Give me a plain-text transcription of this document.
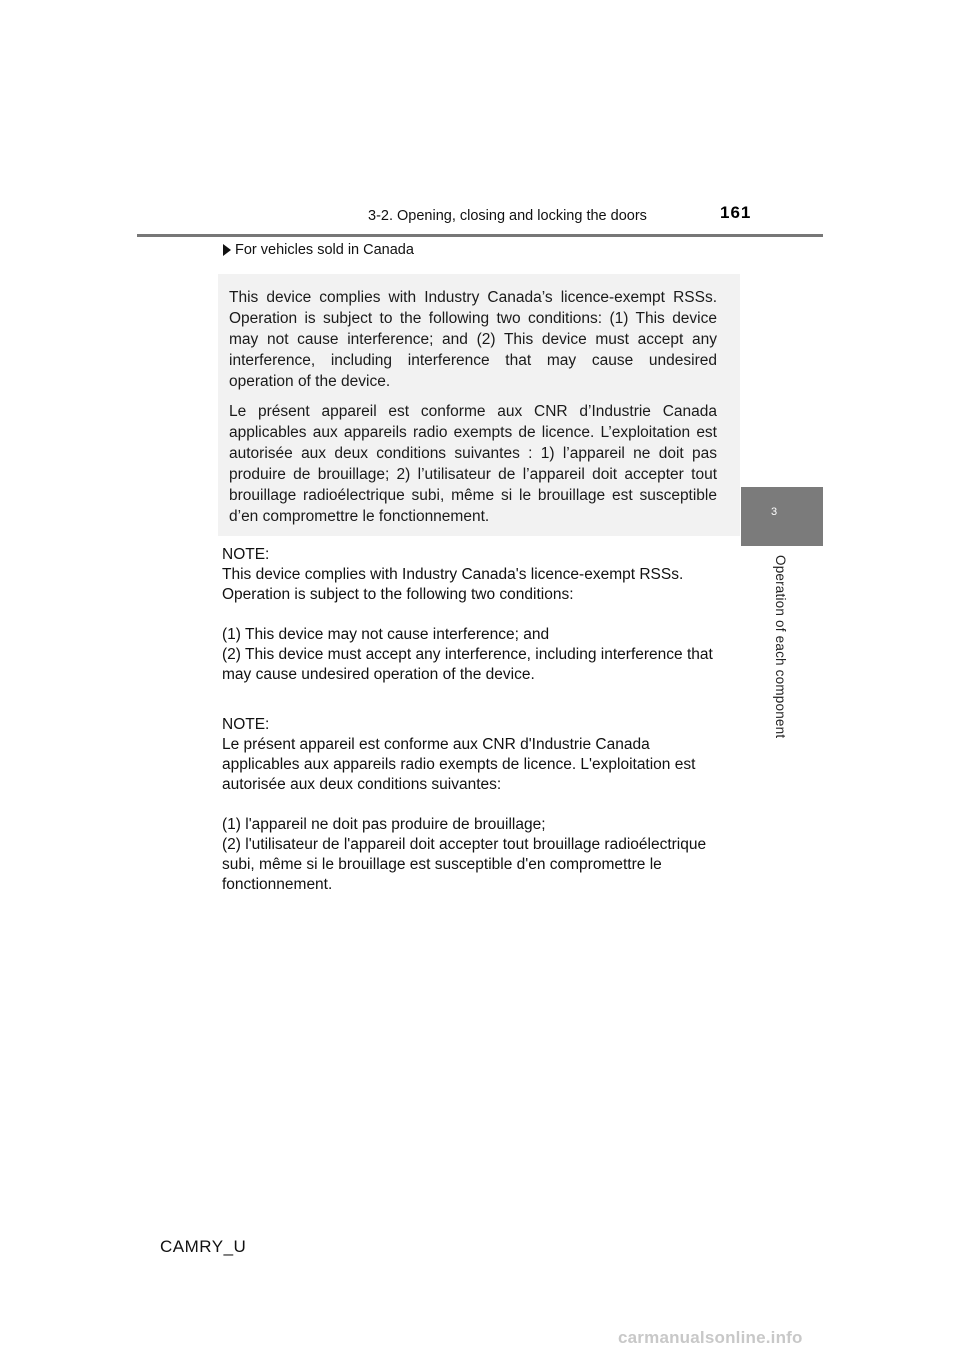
3-2. Opening, closing and locking the doors	161
3
Operation of each component
For vehicles sold in Canada
This device complies with Industry Canada’s licence-exempt RSSs. Operation is subject to the following two conditions: (1) This device may not cause interference; and (2) This device must accept any interference, including interference that may cause undesired operation of the device.
Le présent appareil est conforme aux CNR d’Industrie Canada applicables aux appareils radio exempts de licence. L’exploitation est autorisée aux deux conditions suivantes : 1) l’appareil ne doit pas produire de brouillage; 2) l’utilisateur de l’appareil doit accepter tout brouillage radioélectrique subi, même si le brouillage est susceptible d’en compromettre le fonctionnement.
NOTE:
This device complies with Industry Canada's licence-exempt RSSs.
Operation is subject to the following two conditions:
(1) This device may not cause interference; and
(2) This device must accept any interference, including interference that
may cause undesired operation of the device.
NOTE:
Le présent appareil est conforme aux CNR d'Industrie Canada
applicables aux appareils radio exempts de licence. L'exploitation est
autorisée aux deux conditions suivantes:
(1) l'appareil ne doit pas produire de brouillage;
(2) l'utilisateur de l'appareil doit accepter tout brouillage radioélectrique
subi, même si le brouillage est susceptible d'en compromettre le
fonctionnement.
CAMRY_U
carmanualsonline.info
